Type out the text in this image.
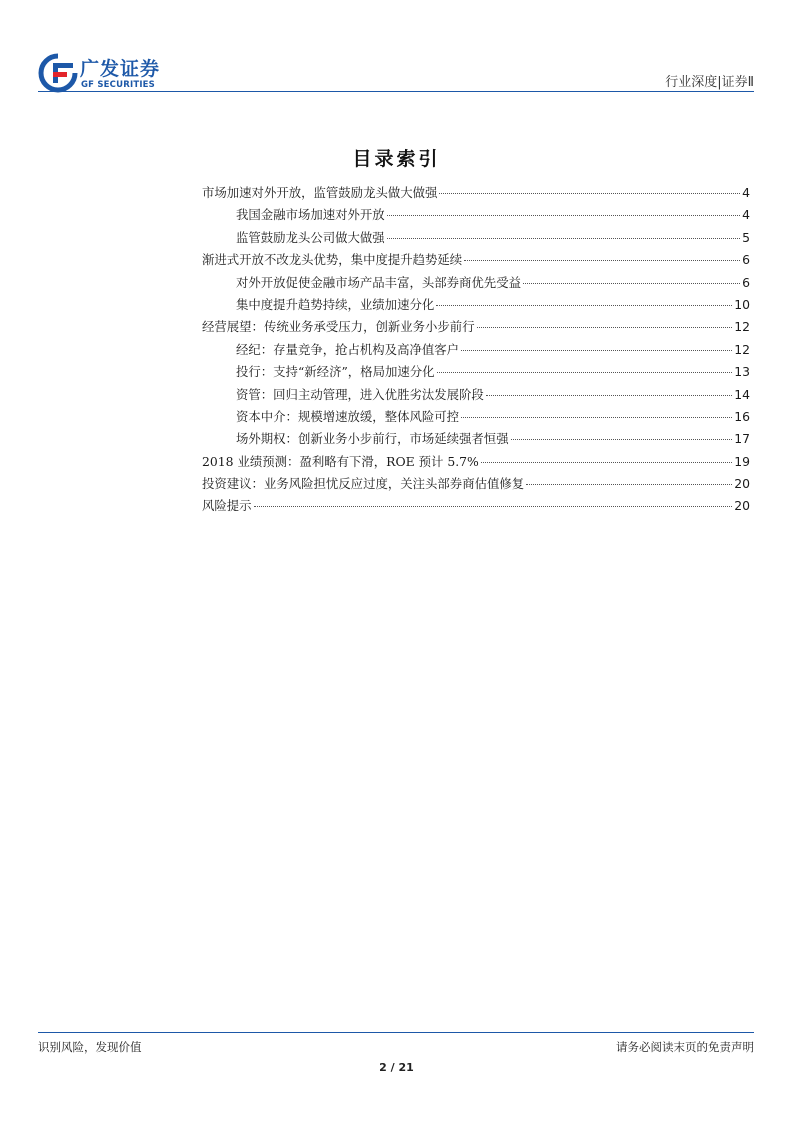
广发证券
GF SECURITIES	行业深度|证券Ⅱ
目录索引
市场加速对外开放，监管鼓励龙头做大做强	4
我国金融市场加速对外开放	4
监管鼓励龙头公司做大做强	5
渐进式开放不改龙头优势，集中度提升趋势延续	6
对外开放促使金融市场产品丰富，头部券商优先受益	6
集中度提升趋势持续，业绩加速分化	10
经营展望：传统业务承受压力，创新业务小步前行	12
经纪：存量竞争，抢占机构及高净值客户	12
投行：支持“新经济”，格局加速分化	13
资管：回归主动管理，进入优胜劣汰发展阶段	14
资本中介：规模增速放缓，整体风险可控	16
场外期权：创新业务小步前行，市场延续强者恒强	17
2018 业绩预测：盈利略有下滑，ROE 预计 5.7%	19
投资建议：业务风险担忧反应过度，关注头部券商估值修复	20
风险提示	20
识别风险，发现价值	请务必阅读末页的免责声明
2 / 21
